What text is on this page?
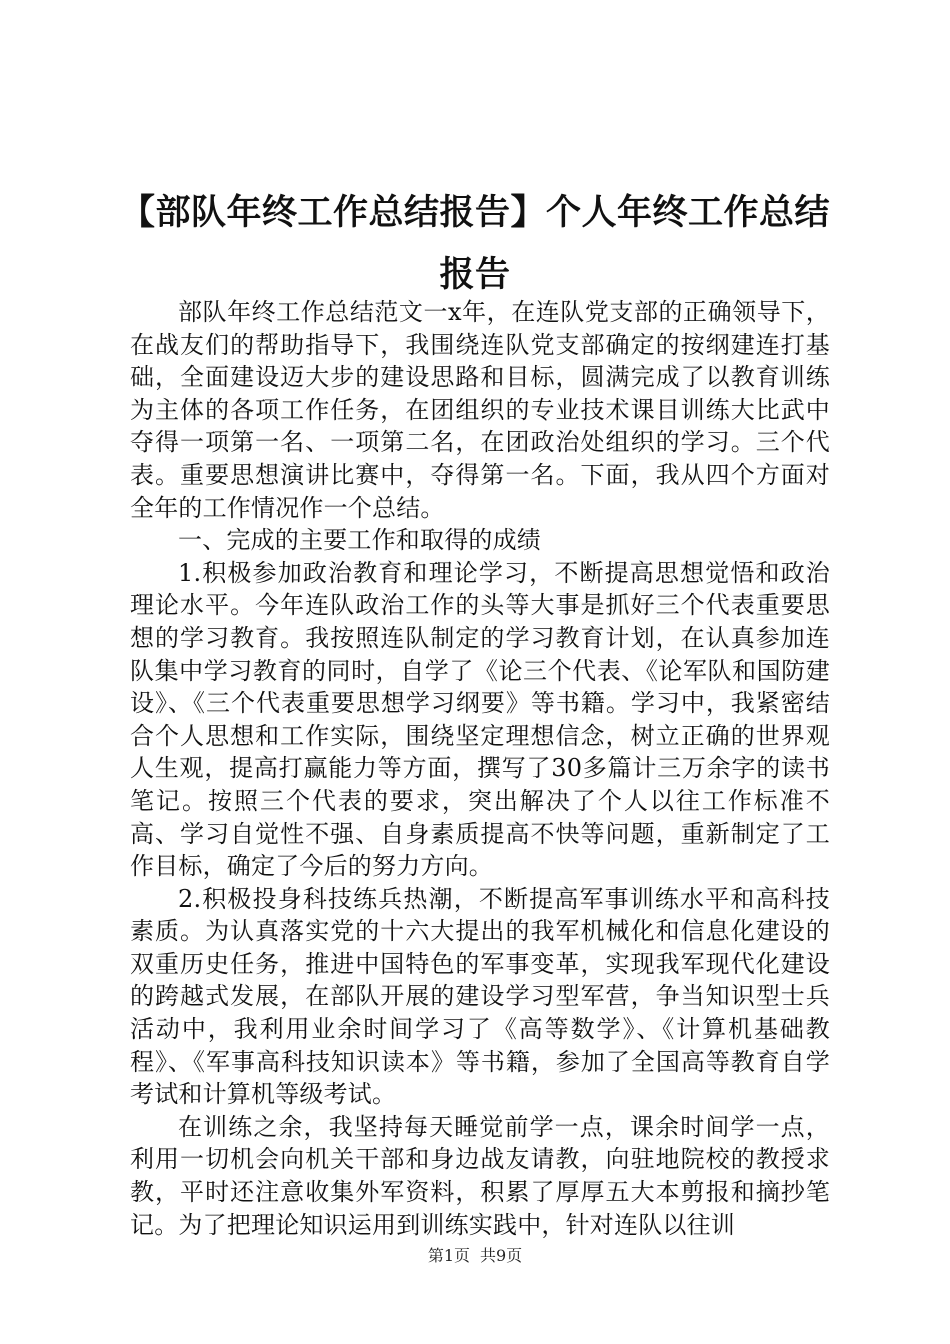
【部队年终工作总结报告】个人年终工作总结报告

部队年终工作总结范文一x年，在连队党支部的正确领导下，在战友们的帮助指导下，我围绕连队党支部确定的按纲建连打基础，全面建设迈大步的建设思路和目标，圆满完成了以教育训练为主体的各项工作任务，在团组织的专业技术课目训练大比武中夺得一项第一名、一项第二名，在团政治处组织的学习。三个代表。重要思想演讲比赛中，夺得第一名。下面，我从四个方面对全年的工作情况作一个总结。

一、完成的主要工作和取得的成绩

1.积极参加政治教育和理论学习，不断提高思想觉悟和政治理论水平。今年连队政治工作的头等大事是抓好三个代表重要思想的学习教育。我按照连队制定的学习教育计划，在认真参加连队集中学习教育的同时，自学了《论三个代表、《论军队和国防建设》、《三个代表重要思想学习纲要》等书籍。学习中，我紧密结合个人思想和工作实际，围绕坚定理想信念，树立正确的世界观人生观，提高打赢能力等方面，撰写了30多篇计三万余字的读书笔记。按照三个代表的要求，突出解决了个人以往工作标准不高、学习自觉性不强、自身素质提高不快等问题，重新制定了工作目标，确定了今后的努力方向。

2.积极投身科技练兵热潮，不断提高军事训练水平和高科技素质。为认真落实党的十六大提出的我军机械化和信息化建设的双重历史任务，推进中国特色的军事变革，实现我军现代化建设的跨越式发展，在部队开展的建设学习型军营，争当知识型士兵活动中，我利用业余时间学习了《高等数学》、《计算机基础教程》、《军事高科技知识读本》等书籍，参加了全国高等教育自学考试和计算机等级考试。

在训练之余，我坚持每天睡觉前学一点，课余时间学一点，利用一切机会向机关干部和身边战友请教，向驻地院校的教授求教，平时还注意收集外军资料，积累了厚厚五大本剪报和摘抄笔记。为了把理论知识运用到训练实践中，针对连队以往训

第1页 共9页
